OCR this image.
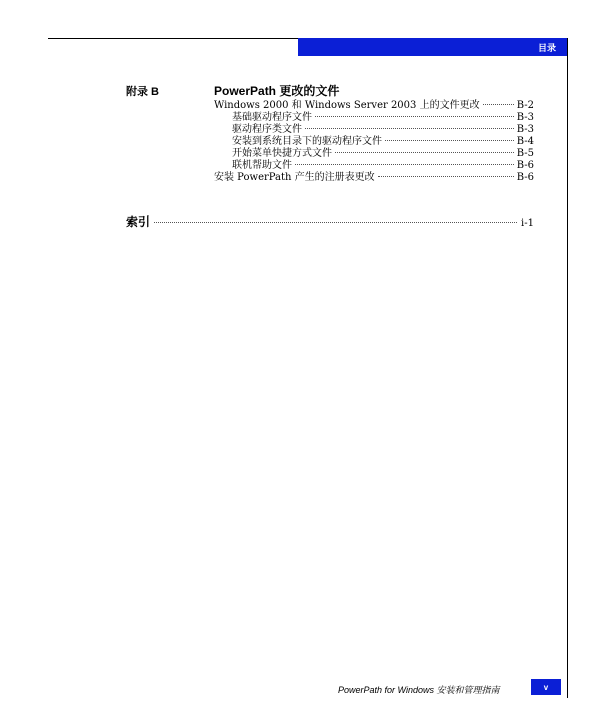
目录
附录 B	PowerPath 更改的文件
Windows 2000 和 Windows Server 2003 上的文件更改	B-2
基础驱动程序文件	B-3
驱动程序类文件	B-3
安装到系统目录下的驱动程序文件	B-4
开始菜单快捷方式文件	B-5
联机帮助文件	B-6
安装 PowerPath 产生的注册表更改	B-6
索引	i-1
PowerPath for Windows 安装和管理指南	v
